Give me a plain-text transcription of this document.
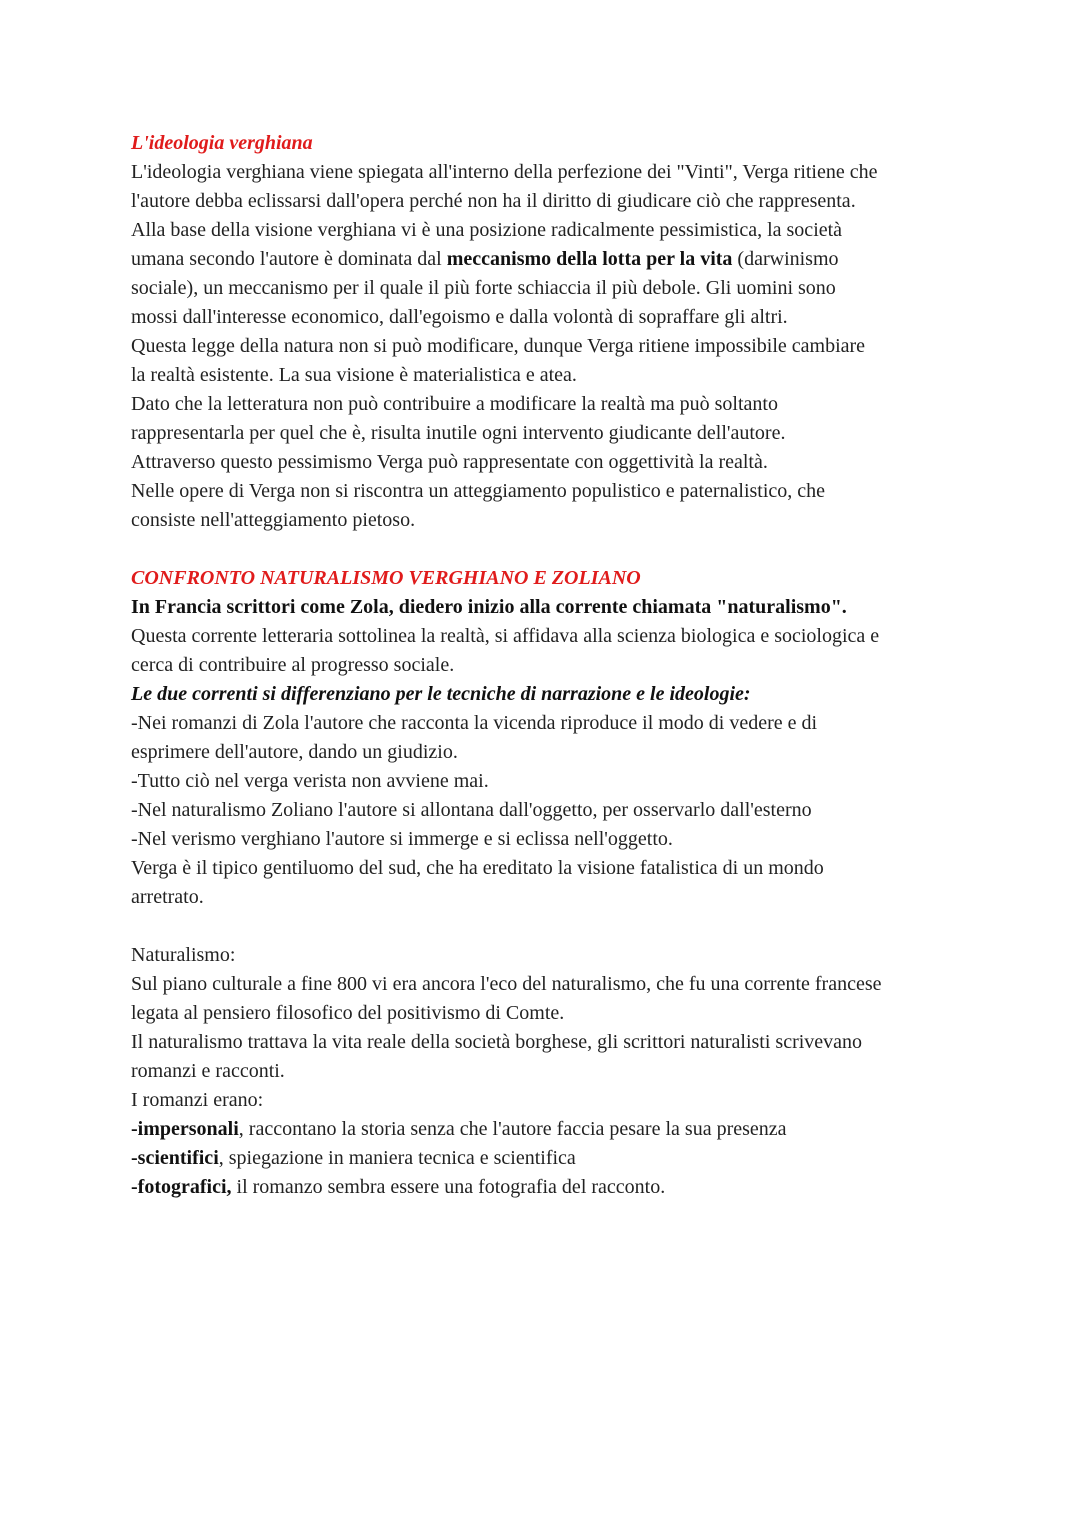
L'ideologia verghiana
L'ideologia verghiana viene spiegata all'interno della perfezione dei "Vinti", Verga ritiene che
l'autore debba eclissarsi dall'opera perché non ha il diritto di giudicare ciò che rappresenta.
Alla base della visione verghiana vi è una posizione radicalmente pessimistica, la società
umana secondo l'autore è dominata dal meccanismo della lotta per la vita (darwinismo
sociale), un meccanismo per il quale il più forte schiaccia il più debole. Gli uomini sono
mossi dall'interesse economico, dall'egoismo e dalla volontà di sopraffare gli altri.
Questa legge della natura non si può modificare, dunque Verga ritiene impossibile cambiare
la realtà esistente. La sua visione è materialistica e atea.
Dato che la letteratura non può contribuire a modificare la realtà ma può soltanto
rappresentarla per quel che è, risulta inutile ogni intervento giudicante dell'autore.
Attraverso questo pessimismo Verga può rappresentate con oggettività la realtà.
Nelle opere di Verga non si riscontra un atteggiamento populistico e paternalistico, che
consiste nell'atteggiamento pietoso.
CONFRONTO NATURALISMO VERGHIANO E ZOLIANO
In Francia scrittori come Zola, diedero inizio alla corrente chiamata "naturalismo".
Questa corrente letteraria sottolinea la realtà, si affidava alla scienza biologica e sociologica e
cerca di contribuire al progresso sociale.
Le due correnti si differenziano per le tecniche di narrazione e le ideologie:
-Nei romanzi di Zola l'autore che racconta la vicenda riproduce il modo di vedere e di
esprimere dell'autore, dando un giudizio.
-Tutto ciò nel verga verista non avviene mai.
-Nel naturalismo Zoliano l'autore si allontana dall'oggetto, per osservarlo dall'esterno
-Nel verismo verghiano l'autore si immerge e si eclissa nell'oggetto.
Verga è il tipico gentiluomo del sud, che ha ereditato la visione fatalistica di un mondo
arretrato.
Naturalismo:
Sul piano culturale a fine 800 vi era ancora l'eco del naturalismo, che fu una corrente francese
legata al pensiero filosofico del positivismo di Comte.
Il naturalismo trattava la vita reale della società borghese, gli scrittori naturalisti scrivevano
romanzi e racconti.
I romanzi erano:
-impersonali, raccontano la storia senza che l'autore faccia pesare la sua presenza
-scientifici, spiegazione in maniera tecnica e scientifica
-fotografici, il romanzo sembra essere una fotografia del racconto.
